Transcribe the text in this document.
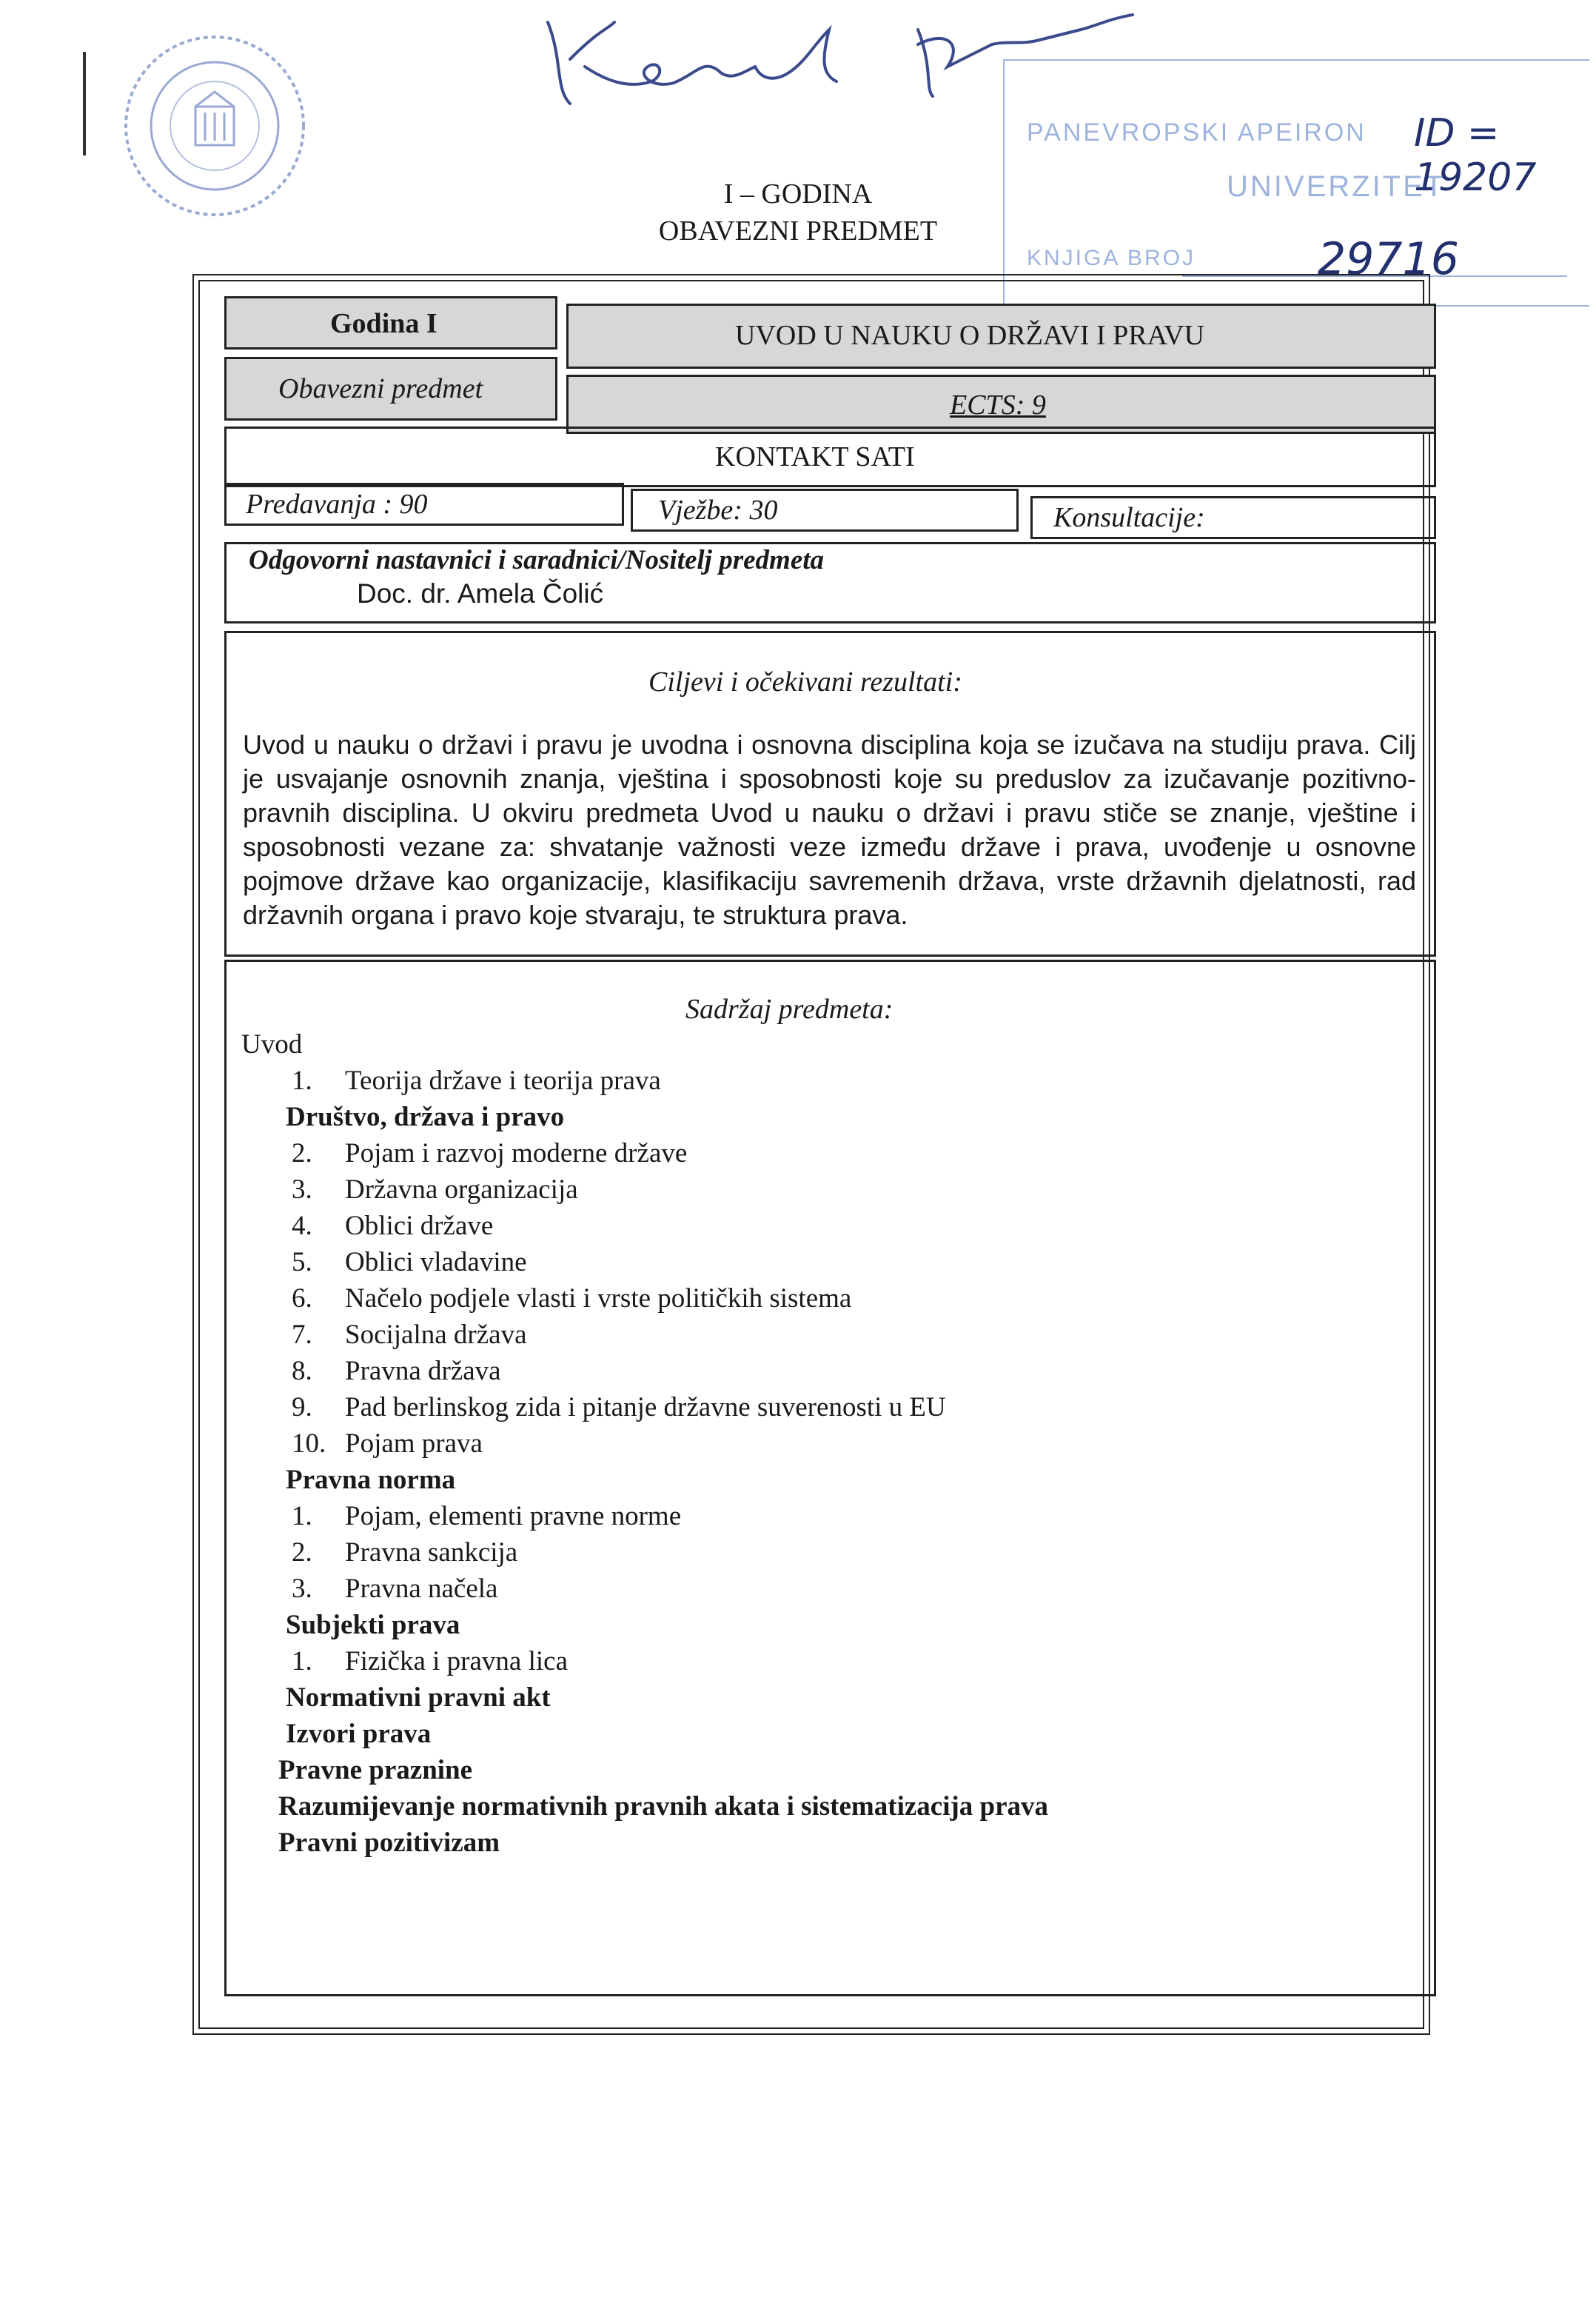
PANEVROPSKI APEIRON
UNIVERZITET
KNJIGA BROJ
ID = 19207
29716
I – GODINA
OBAVEZNI PREDMET
Godina I	UVOD U NAUKU O DRŽAVI I PRAVU
Obavezni predmet
ECTS: 9
KONTAKT SATI
Predavanja : 90	Vježbe: 30	Konsultacije:
Odgovorni nastavnici i saradnici/Nositelj predmeta
Doc. dr. Amela Čolić
Ciljevi i očekivani rezultati:
Uvod u nauku o državi i pravu je uvodna i osnovna disciplina koja se izučava na studiju prava. Cilj je usvajanje osnovnih znanja, vještina i sposobnosti koje su preduslov za izučavanje pozitivno-pravnih disciplina. U okviru predmeta Uvod u nauku o državi i pravu stiče se znanje, vještine i sposobnosti vezane za: shvatanje važnosti veze između države i prava, uvođenje u osnovne pojmove države kao organizacije, klasifikaciju savremenih država, vrste državnih djelatnosti, rad državnih organa i pravo koje stvaraju, te struktura prava.
Sadržaj predmeta:
Uvod
1. Teorija države i teorija prava
Društvo, država i pravo
2. Pojam i razvoj moderne države
3. Državna organizacija
4. Oblici države
5. Oblici vladavine
6. Načelo podjele vlasti i vrste političkih sistema
7. Socijalna država
8. Pravna država
9. Pad berlinskog zida i pitanje državne suverenosti u EU
10. Pojam prava
Pravna norma
1. Pojam, elementi pravne norme
2. Pravna sankcija
3. Pravna načela
Subjekti prava
1. Fizička i pravna lica
Normativni pravni akt
Izvori prava
Pravne praznine
Razumijevanje normativnih pravnih akata i sistematizacija prava
Pravni pozitivizam
